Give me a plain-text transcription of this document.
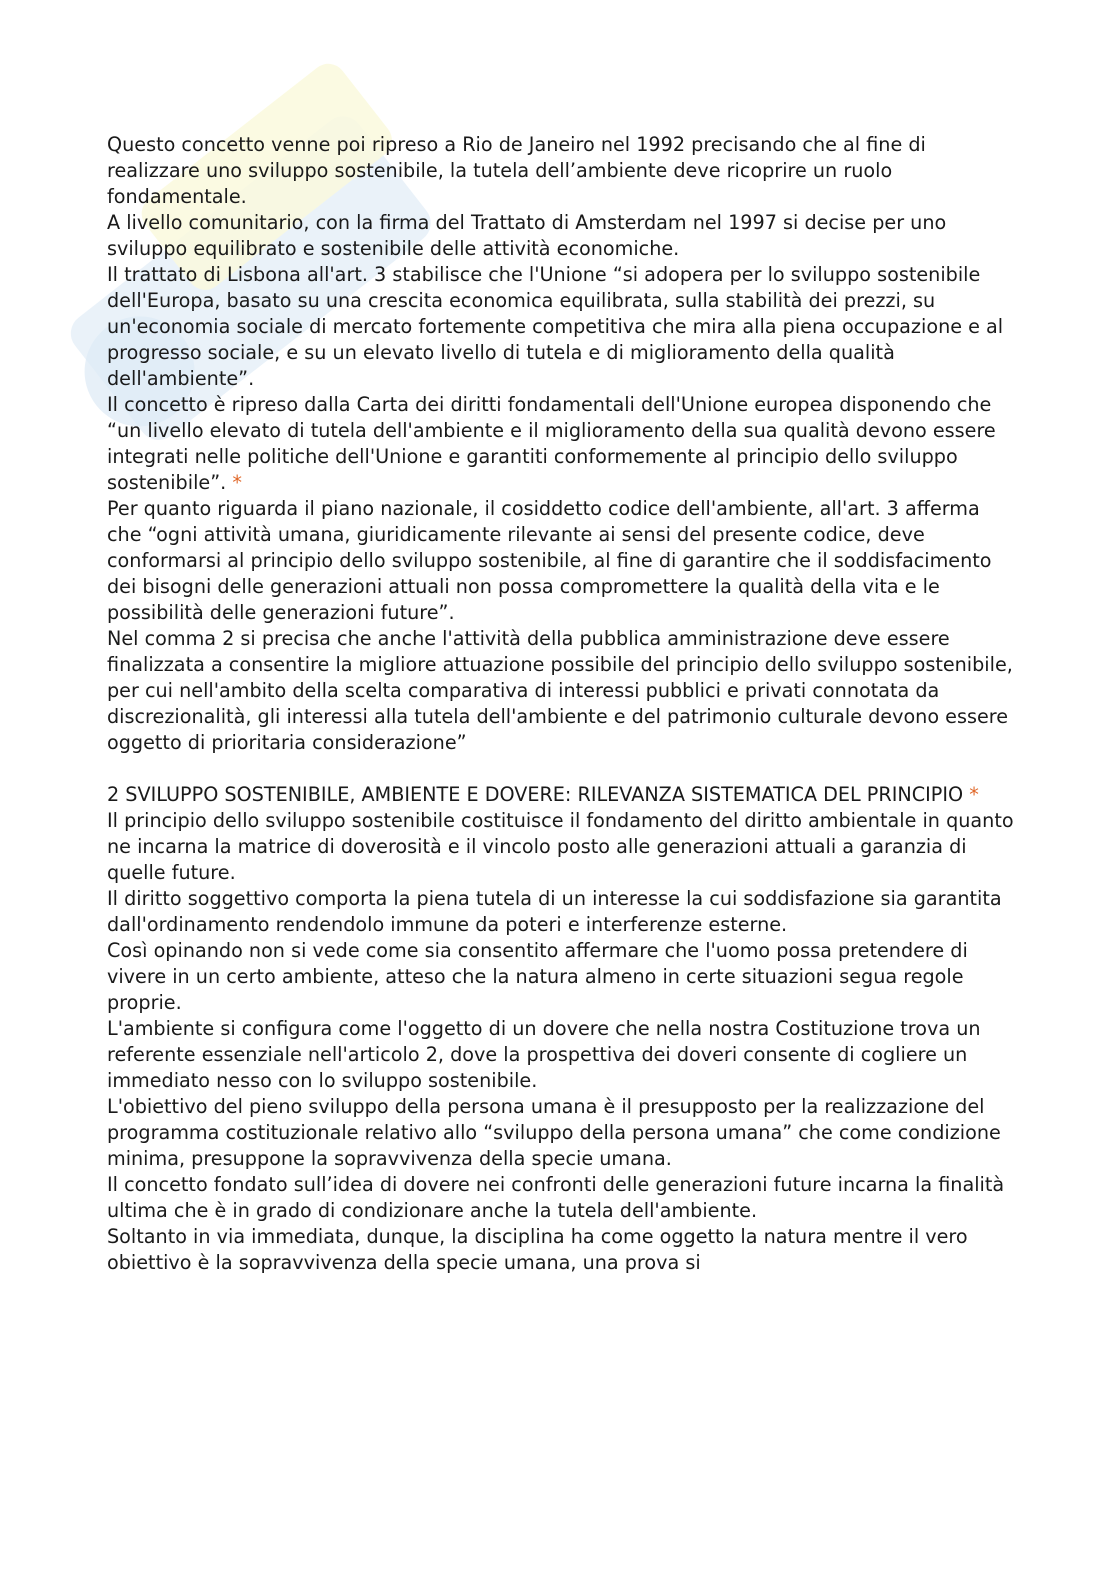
Questo concetto venne poi ripreso a Rio de Janeiro nel 1992 precisando che al fine di realizzare uno sviluppo sostenibile, la tutela dell’ambiente deve ricoprire un ruolo fondamentale.

A livello comunitario, con la firma del Trattato di Amsterdam nel 1997 si decise per uno sviluppo equilibrato e sostenibile delle attività economiche.

Il trattato di Lisbona all'art. 3 stabilisce che l'Unione “si adopera per lo sviluppo sostenibile dell'Europa, basato su una crescita economica equilibrata, sulla stabilità dei prezzi, su un'economia sociale di mercato fortemente competitiva che mira alla piena occupazione e al progresso sociale, e su un elevato livello di tutela e di miglioramento della qualità dell'ambiente”.

Il concetto è ripreso dalla Carta dei diritti fondamentali dell'Unione europea disponendo che

“un livello elevato di tutela dell'ambiente e il miglioramento della sua qualità devono essere integrati nelle politiche dell'Unione e garantiti conformemente al principio dello sviluppo sostenibile”. *

Per quanto riguarda il piano nazionale, il cosiddetto codice dell'ambiente, all'art. 3 afferma che “ogni attività umana, giuridicamente rilevante ai sensi del presente codice, deve conformarsi al principio dello sviluppo sostenibile, al fine di garantire che il soddisfacimento dei bisogni delle generazioni attuali non possa compromettere la qualità della vita e le possibilità delle generazioni future”.

Nel comma 2 si precisa che anche l'attività della pubblica amministrazione deve essere finalizzata a consentire la migliore attuazione possibile del principio dello sviluppo sostenibile, per cui nell'ambito della scelta comparativa di interessi pubblici e privati connotata da discrezionalità, gli interessi alla tutela dell'ambiente e del patrimonio culturale devono essere oggetto di prioritaria considerazione”

2 SVILUPPO SOSTENIBILE, AMBIENTE E DOVERE: RILEVANZA SISTEMATICA DEL PRINCIPIO *

Il principio dello sviluppo sostenibile costituisce il fondamento del diritto ambientale in quanto ne incarna la matrice di doverosità e il vincolo posto alle generazioni attuali a garanzia di quelle future.

Il diritto soggettivo comporta la piena tutela di un interesse la cui soddisfazione sia garantita dall'ordinamento rendendolo immune da poteri e interferenze esterne.

Così opinando non si vede come sia consentito affermare che l'uomo possa pretendere di vivere in un certo ambiente, atteso che la natura almeno in certe situazioni segua regole proprie.

L'ambiente si configura come l'oggetto di un dovere che nella nostra Costituzione trova un referente essenziale nell'articolo 2, dove la prospettiva dei doveri consente di cogliere un immediato nesso con lo sviluppo sostenibile.

L'obiettivo del pieno sviluppo della persona umana è il presupposto per la realizzazione del programma costituzionale relativo allo “sviluppo della persona umana” che come condizione minima, presuppone la sopravvivenza della specie umana.

Il concetto fondato sull’idea di dovere nei confronti delle generazioni future incarna la finalità ultima che è in grado di condizionare anche la tutela dell'ambiente.

Soltanto in via immediata, dunque, la disciplina ha come oggetto la natura mentre il vero obiettivo è la sopravvivenza della specie umana, una prova si
